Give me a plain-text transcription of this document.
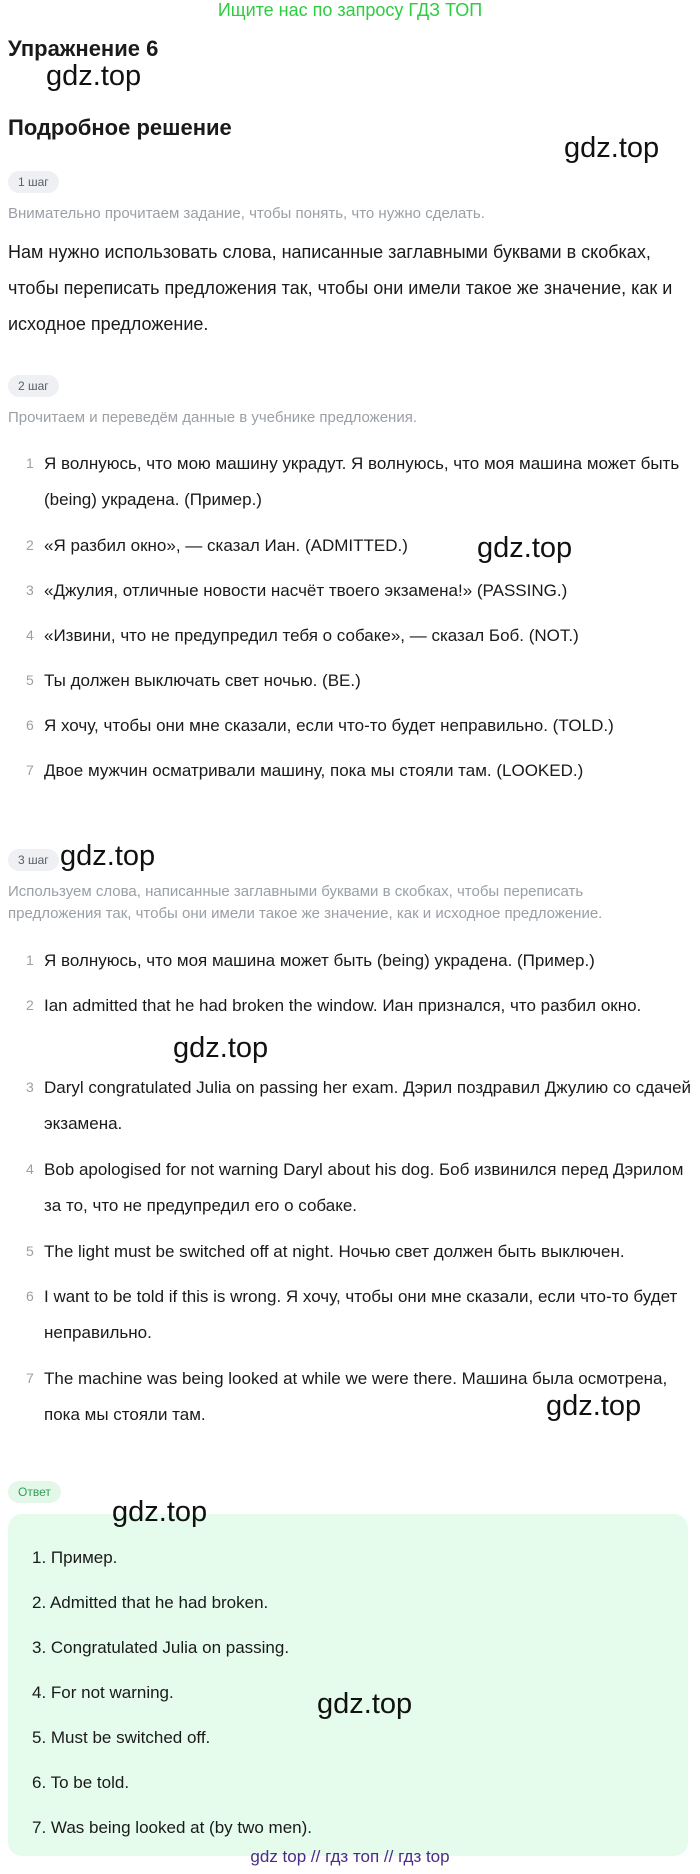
Ищите нас по запросу ГДЗ ТОП
Упражнение 6
gdz.top
Подробное решение
gdz.top
1 шаг
Внимательно прочитаем задание, чтобы понять, что нужно сделать.
Нам нужно использовать слова, написанные заглавными буквами в скобках, чтобы переписать предложения так, чтобы они имели такое же значение, как и исходное предложение.
2 шаг
Прочитаем и переведём данные в учебнике предложения.
1 Я волнуюсь, что мою машину украдут. Я волнуюсь, что моя машина может быть (being) украдена. (Пример.)
2 «Я разбил окно», — сказал Иан. (ADMITTED.)
3 «Джулия, отличные новости насчёт твоего экзамена!» (PASSING.)
4 «Извини, что не предупредил тебя о собаке», — сказал Боб. (NOT.)
5 Ты должен выключать свет ночью. (BE.)
6 Я хочу, чтобы они мне сказали, если что-то будет неправильно. (TOLD.)
7 Двое мужчин осматривали машину, пока мы стояли там. (LOOKED.)
gdz.top
3 шаг gdz.top
Используем слова, написанные заглавными буквами в скобках, чтобы переписать предложения так, чтобы они имели такое же значение, как и исходное предложение.
1 Я волнуюсь, что моя машина может быть (being) украдена. (Пример.)
2 Ian admitted that he had broken the window. Иан признался, что разбил окно.
3 Daryl congratulated Julia on passing her exam. Дэрил поздравил Джулию со сдачей экзамена.
4 Bob apologised for not warning Daryl about his dog. Боб извинился перед Дэрилом за то, что не предупредил его о собаке.
5 The light must be switched off at night. Ночью свет должен быть выключен.
6 I want to be told if this is wrong. Я хочу, чтобы они мне сказали, если что-то будет неправильно.
7 The machine was being looked at while we were there. Машина была осмотрена, пока мы стояли там.
gdz.top
gdz.top
Ответ
1. Пример.
2. Admitted that he had broken.
3. Congratulated Julia on passing.
4. For not warning.
5. Must be switched off.
6. To be told.
7. Was being looked at (by two men).
gdz.top
gdz.top
gdz top // гдз топ // гдз top
